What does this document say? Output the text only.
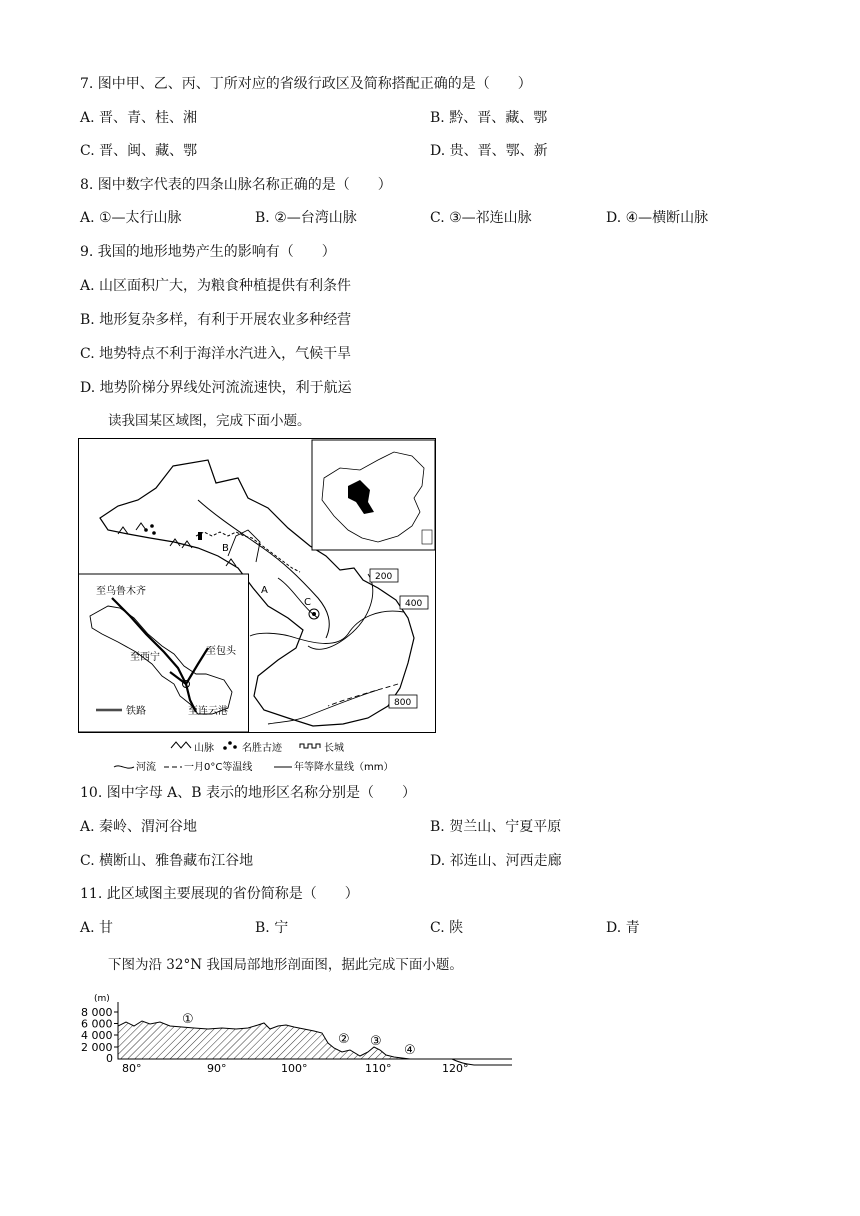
7. 图中甲、乙、丙、丁所对应的省级行政区及简称搭配正确的是（　　）
A. 晋、青、桂、湘	B. 黔、晋、藏、鄂
C. 晋、闽、藏、鄂	D. 贵、晋、鄂、新
8. 图中数字代表的四条山脉名称正确的是（　　）
A. ①—太行山脉	B. ②—台湾山脉	C. ③—祁连山脉	D. ④—横断山脉
9. 我国的地形地势产生的影响有（　　）
A. 山区面积广大，为粮食种植提供有利条件
B. 地形复杂多样，有利于开展农业多种经营
C. 地势特点不利于海洋水汽进入，气候干旱
D. 地势阶梯分界线处河流流速快，利于航运
读我国某区域图，完成下面小题。
B
A
C
200
400
800
至乌鲁木齐
至包头
至西宁
至连云港
铁路
山脉	名胜古迹	长城
河流	一月0°C等温线	年等降水量线（mm）
10. 图中字母 A、B 表示的地形区名称分别是（　　）
A. 秦岭、渭河谷地	B. 贺兰山、宁夏平原
C. 横断山、雅鲁藏布江谷地	D. 祁连山、河西走廊
11. 此区域图主要展现的省份简称是（　　）
A. 甘	B. 宁	C. 陕	D. 青
下图为沿 32°N 我国局部地形剖面图，据此完成下面小题。
(m)
8 000
6 000
4 000
2 000
0
①
② ③
④
80°	90°	100°	110°	120°
